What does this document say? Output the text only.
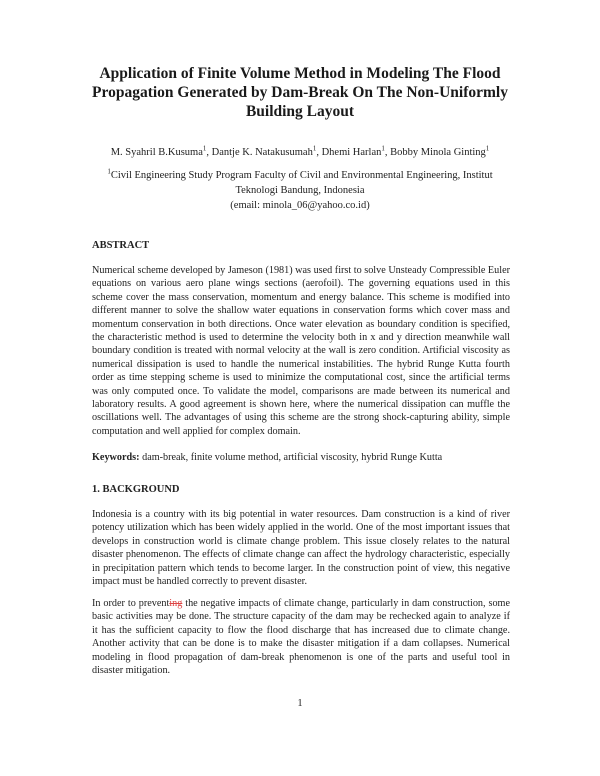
Application of Finite Volume Method in Modeling The Flood Propagation Generated by Dam-Break On The Non-Uniformly Building Layout
M. Syahril B.Kusuma$^1$, Dantje K. Natakusumah$^1$, Dhemi Harlan$^1$, Bobby Minola Ginting$^1$
$^1$Civil Engineering Study Program Faculty of Civil and Environmental Engineering, Institut Teknologi Bandung, Indonesia
(email: minola_06@yahoo.co.id)
ABSTRACT
Numerical scheme developed by Jameson (1981) was used first to solve Unsteady Compressible Euler equations on various aero plane wings sections (aerofoil). The governing equations used in this scheme cover the mass conservation, momentum and energy balance. This scheme is modified into different manner to solve the shallow water equations in conservation forms which cover mass and momentum conservation in both directions. Once water elevation as boundary condition is specified, the characteristic method is used to determine the velocity both in x and y direction meanwhile wall boundary condition is treated with normal velocity at the wall is zero condition. Artificial viscosity as numerical dissipation is used to handle the numerical instabilities. The hybrid Runge Kutta fourth order as time stepping scheme is used to minimize the computational cost, since the artificial terms was only computed once. To validate the model, comparisons are made between its numerical and laboratory results. A good agreement is shown here, where the numerical dissipation can muffle the oscillations well. The advantages of using this scheme are the strong shock-capturing ability, simple computation and well applied for complex domain.
Keywords: dam-break, finite volume method, artificial viscosity, hybrid Runge Kutta
1. BACKGROUND
Indonesia is a country with its big potential in water resources. Dam construction is a kind of river potency utilization which has been widely applied in the world. One of the most important issues that develops in construction world is climate change problem. This issue closely relates to the natural disaster phenomenon. The effects of climate change can affect the hydrology characteristic, especially in precipitation pattern which tends to become larger. In the construction point of view, this negative impact must be handled correctly to prevent disaster.
In order to preventing the negative impacts of climate change, particularly in dam construction, some basic activities may be done. The structure capacity of the dam may be rechecked again to analyze if it has the sufficient capacity to flow the flood discharge that has increased due to climate change. Another activity that can be done is to make the disaster mitigation if a dam collapses. Numerical modeling in flood propagation of dam-break phenomenon is one of the parts and useful tool in disaster mitigation.
1
